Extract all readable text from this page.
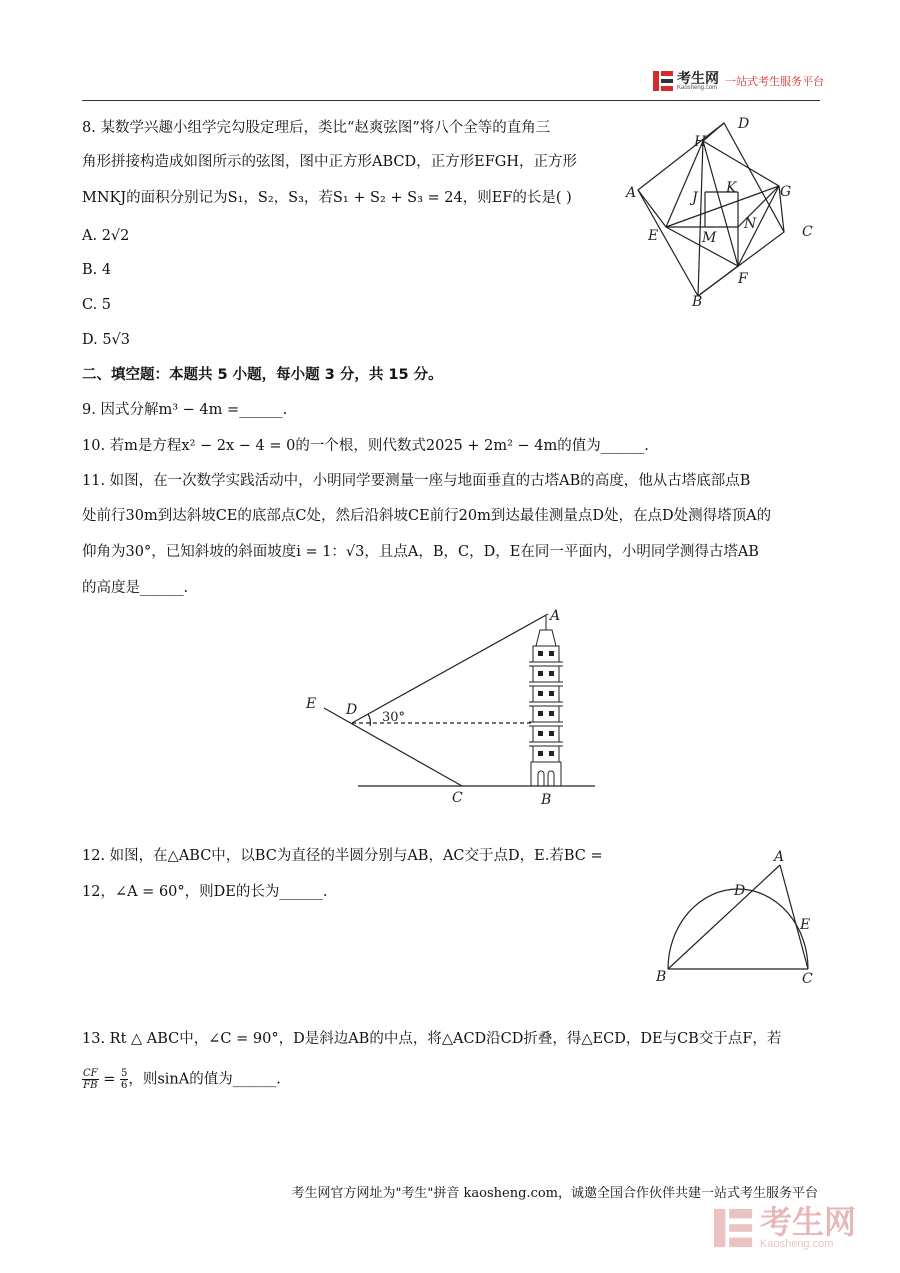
考生网
Kaosheng.com 一站式考生服务平台
8. 某数学兴趣小组学完勾股定理后，类比“赵爽弦图”将八个全等的直角三
角形拼接构造成如图所示的弦图，图中正方形ABCD，正方形EFGH，正方形
MNKJ的面积分别记为S₁，S₂，S₃，若S₁ + S₂ + S₃ = 24，则EF的长是( )
A. 2√2
B. 4
C. 5
D. 5√3
D
H
A	G
J
K
N
E	M	C
F
B
二、填空题：本题共 5 小题，每小题 3 分，共 15 分。
9. 因式分解m³ − 4m =______.
10. 若m是方程x² − 2x − 4 = 0的一个根，则代数式2025 + 2m² − 4m的值为______.
11. 如图，在一次数学实践活动中，小明同学要测量一座与地面垂直的古塔AB的高度，他从古塔底部点B
处前行30m到达斜坡CE的底部点C处，然后沿斜坡CE前行20m到达最佳测量点D处，在点D处测得塔顶A的
仰角为30°，已知斜坡的斜面坡度i = 1：√3，且点A，B，C，D，E在同一平面内，小明同学测得古塔AB
的高度是______.
A
E D 30°
C	B
12. 如图，在△ABC中，以BC为直径的半圆分别与AB，AC交于点D，E.若BC =
12，∠A = 60°，则DE的长为______.
A
D
E
B	C
13. Rt △ ABC中，∠C = 90°，D是斜边AB的中点，将△ACD沿CD折叠，得△ECD，DE与CB交于点F，若
$\frac{CF}{FB} = \frac{5}{6}$ ，则sinA的值为______.
考生网官方网址为"考生"拼音 kaosheng.com，诚邀全国合作伙伴共建一站式考生服务平台
考生网
Kaosheng.com
